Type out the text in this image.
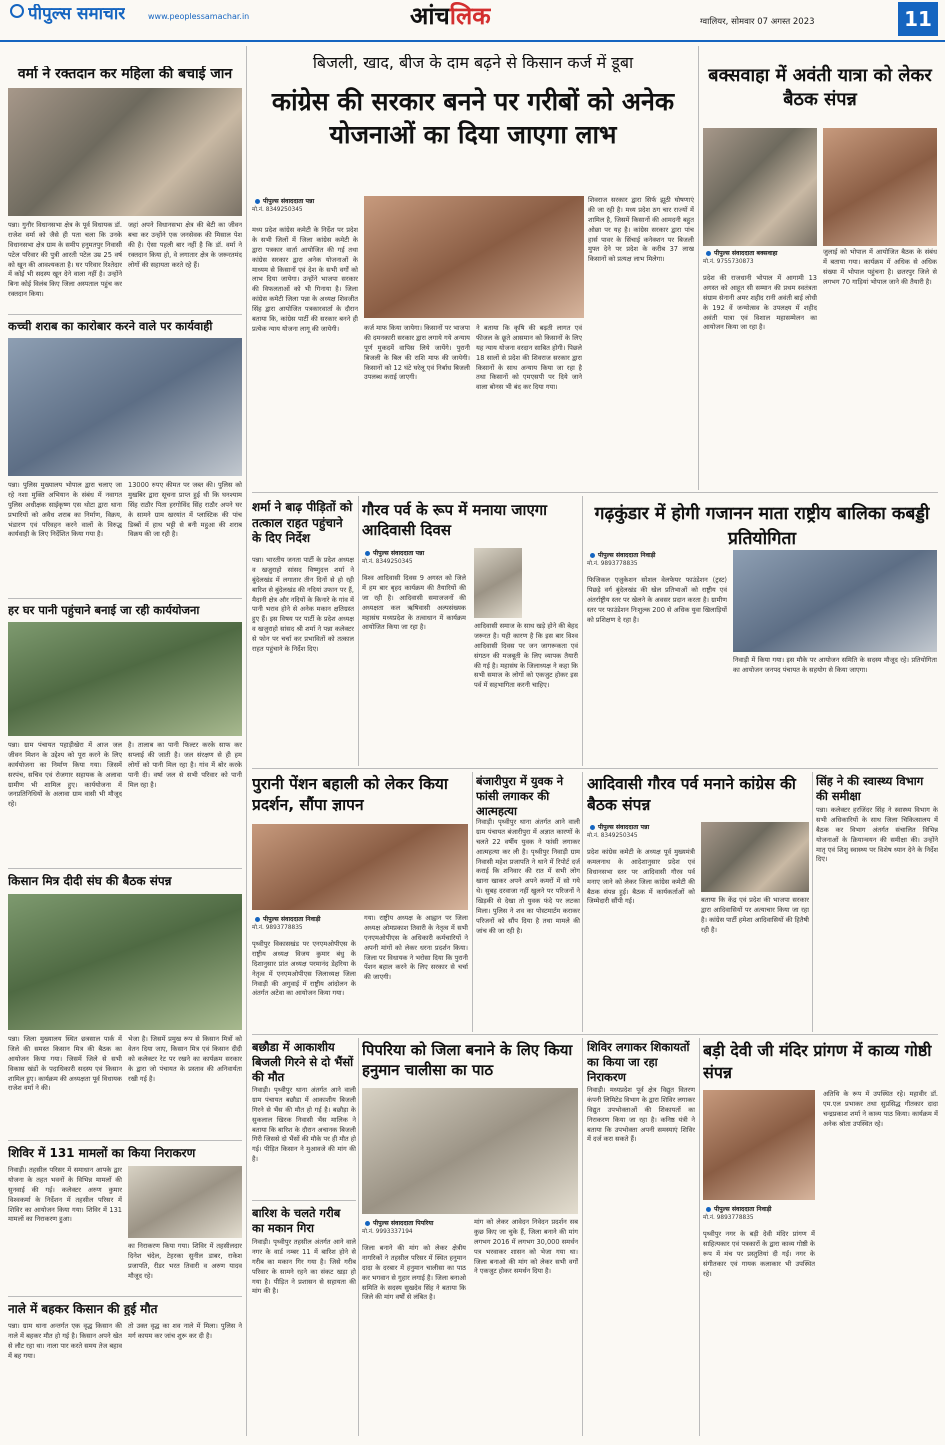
पीपुल्स समाचार	www.peoplessamachar.in	आंचलिक	ग्वालियर, सोमवार 07 अगस्त 2023	11
वर्मा ने रक्तदान कर महिला की बचाई जान
पन्ना। गुनौर विधानसभा क्षेत्र के पूर्व विधायक डॉ. राजेश वर्मा को जैसे ही पता चला कि उनके विधानसभा क्षेत्र ग्राम के समीप हनुमतपुर निवासी पटेल परिवार की पुत्री आरती पटेल उम्र 25 वर्ष को खून की आवश्यकता है। घर परिवार रिश्तेदार में कोई भी सदस्य खून देने वाला नहीं है। उन्होंने बिना कोई विलंब किए जिला अस्पताल पहुंच कर रक्तदान किया।
जहां अपने विधानसभा क्षेत्र की बेटी का जीवन बचा कर उन्होंने एक जनसेवक की मिसाल पेश की है। ऐसा पहली बार नहीं है कि डॉ. वर्मा ने रक्तदान किया हो, वे लगातार क्षेत्र के जरूरतमंद लोगों की सहायता करते रहे हैं।
कच्ची शराब का कारोबार करने वाले पर कार्यवाही
पन्ना। पुलिस मुख्यालय भोपाल द्वारा चलाए जा रहे नशा मुक्ति अभियान के संबंध में नवागत पुलिस अधीक्षक साईकृष्ण एस थोटा द्वारा थाना प्रभारियों को अवैध शराब का निर्माण, विक्रय, भंडारण एवं परिवहन करने वालों के विरुद्ध कार्यवाही के लिए निर्देशित किया गया है।
13000 रुपए कीमत पर जब्त की। पुलिस को मुखबिर द्वारा सूचना प्राप्त हुई थी कि घनश्याम सिंह राठौर पिता हरगोविंद सिंह राठौर अपने घर के सामने ग्राम खरयांत में प्लास्टिक की पांच डिब्बों में हाथ भट्टी से बनी महुआ की शराब विक्रय की जा रही है।
हर घर पानी पहुंचाने बनाई जा रही कार्ययोजना
पन्ना। ग्राम पंचायत पहाड़ीखेरा में आज जल जीवन मिशन के उद्देश्य को पूरा करने के लिए कार्ययोजना का निर्माण किया गया। जिसमें सरपंच, सचिव एवं रोजगार सहायक के अलावा ग्रामीण भी शामिल हुए। कार्ययोजना में जनप्रतिनिधियों के अलावा ग्राम वासी भी मौजूद रहे।
है। तालाब का पानी फिल्टर करके साफ कर सप्लाई की जाती है। जल संरक्षण से ही हम लोगों को पानी मिल रहा है। गांव में बोर करके पानी दी। वर्षा जल से सभी परिवार को पानी मिल रहा है।
किसान मित्र दीदी संघ की बैठक संपन्न
पन्ना। जिला मुख्यालय स्थित छत्रसाल पार्क में जिले की समस्त किसान मित्र की बैठक का आयोजन किया गया। जिसमें जिले से सभी विकास खंडों के पदाधिकारी सदस्य एवं किसान शामिल हुए। कार्यक्रम की अध्यक्षता पूर्व विधायक राजेश वर्मा ने की।
भेजा है। जिसमें प्रमुख रूप से किसान मित्रों को वेतन दिया जाए, किसान मित्र एवं किसान दीदी को कलेक्टर रेट पर रखने का कार्यक्रम सरकार के द्वारा जो पंचायत के प्रस्ताव की अनिवार्यता रखी गई है।
शिविर में 131 मामलों का किया निराकरण
निवाड़ी। तहसील परिसर में समाधान आपके द्वार योजना के तहत भवनों के विभिन्न मामलों की सुनवाई की गई। कलेक्टर अरुण कुमार विश्वकर्मा के निर्देशन में तहसील परिसर में शिविर का आयोजन किया गया। शिविर में 131 मामलों का निराकरण हुआ।
का निराकरण किया गया। शिविर में तहसीलदार दिनेश चंदेल, टेहरका सुनील डाबर, राकेश प्रजापति, रीडर भरत तिवारी व अरुण यादव मौजूद रहे।
नाले में बहकर किसान की हुई मौत
पन्ना। ग्राम थाना अन्तर्गत एक वृद्ध किसान की नाले में बहकर मौत हो गई है। किसान अपने खेत से लौट रहा था। नाला पार करते समय तेज बहाव में बह गया।
तो उक्त वृद्ध का शव नाले में मिला। पुलिस ने मर्ग कायम कर जांच शुरू कर दी है।
बिजली, खाद, बीज के दाम बढ़ने से किसान कर्ज में डूबा
कांग्रेस की सरकार बनने पर गरीबों को अनेक योजनाओं का दिया जाएगा लाभ
पीपुल्स संवाददाता पन्ना
मो.नं. 8349250345
मध्य प्रदेश कांग्रेस कमेटी के निर्देश पर प्रदेश के सभी जिलों में जिला कांग्रेस कमेटी के द्वारा पत्रकार वार्ता आयोजित की गई तथा कांग्रेस सरकार द्वारा अनेक योजनाओं के माध्यम से किसानों एवं देश के सभी वर्गों को लाभ दिया जायेगा। उन्होंने भाजपा सरकार की विफलताओं को भी गिनाया है। जिला कांग्रेस कमेटी जिला पन्ना के अध्यक्ष शिवजीत सिंह द्वारा आयोजित पत्रकारवार्ता के दौरान बताया कि, कांग्रेस पार्टी की सरकार बनने ही प्रत्येक न्याय योजना लागू की जायेगी।	कर्ज माफ किया जायेगा। किसानों पर भाजपा की दमनकारी सरकार द्वारा लगाये गये अन्याय पूर्ण मुकदमें वापिस लिये जायेंगे। पुरानी बिजली के बिल की राशि माफ की जायेगी। किसानों को 12 घंटे घरेलू एवं निर्बाध बिजली उपलब्ध कराई जाएगी।
ने बताया कि कृषि की बढ़ती लागत एवं फीजल के छूते आसमान को किसानों के लिए यह न्याय योजना वरदान साबित होगी। पिछले 18 सालों से प्रदेश की शिवराज सरकार द्वारा किसानों के साथ अन्याय किया जा रहा है तथा किसानों को एमएसपी पर दिये जाने वाला बोनस भी बंद कर दिया गया।
शिवराज सरकार द्वारा सिर्फ झूठी घोषणाएं की जा रही है। मध्य प्रदेश ठग चार राज्यों में शामिल है, जिसमें किसानों की आमदनी बहुत ओछा पर यह है। कांग्रेस सरकार द्वारा पांच हार्स पावर के सिंचाई कनेक्शन पर बिजली मुफ्त देने पर प्रदेश के करीब 37 लाख किसानों को प्रत्यक्ष लाभ मिलेगा।
बक्सवाहा में अवंती यात्रा को लेकर बैठक संपन्न
पीपुल्स संवाददाता बक्सवाहा
मो.नं. 9755730873
प्रदेश की राजधानी भोपाल में आगामी 13 अगस्त को आहूत सी सम्मान की प्रथम स्वतंत्रता संग्राम सेनानी अमर शहीद रानी अवंती बाई लोधी के 192 वें जन्मोत्सव के उपलक्ष्य में शहीद अवंती यात्रा एवं विशाल महासम्मेलन का आयोजन किया जा रहा है।
जुलाई को भोपाल में आयोजित बैठक के संबंध में बताया गया। कार्यक्रम में अधिक से अधिक संख्या में भोपाल पहुंचना है। छतरपुर जिले से लगभग 70 गाड़ियां भोपाल जाने की तैयारी है।
शर्मा ने बाढ़ पीड़ितों को तत्काल राहत पहुंचाने के दिए निर्देश
पन्ना। भारतीय जनता पार्टी के प्रदेश अध्यक्ष व खजुराहो सांसद विष्णुदत्त शर्मा ने बुंदेलखंड में लगातार तीन दिनों से हो रही बारिश से बुंदेलखंड की नदियां उफान पर हैं, मैदानी क्षेत्र और नदियों के किनारे के गांव में पानी भराव होने से अनेक मकान क्षतिग्रस्त हुए हैं। इस विषय पर पार्टी के प्रदेश अध्यक्ष व खजुराहो सांसद श्री शर्मा ने पन्ना कलेक्टर से फोन पर चर्चा कर प्रभावितों को तत्काल राहत पहुंचाने के निर्देश दिए।
गौरव पर्व के रूप में मनाया जाएगा आदिवासी दिवस
पीपुल्स संवाददाता पन्ना
मो.नं. 8349250345
विश्व आदिवासी दिवस 9 अगस्त को जिले में हम बार बृहद कार्यक्रम की तैयारियों की जा रही है। आदिवासी समाजजनों की अध्यक्षता कल ऋषिवासी अल्पसंख्यक महासंघ मध्यप्रदेश के तत्वाधान में कार्यक्रम आयोजित किया जा रहा है।	आदिवासी समाज के साथ खड़े होने की बेहद जरूरत है। यही कारण है कि इस बार विश्व आदिवासी दिवस पर जन जागरूकता एवं संगठन की मजबूती के लिए व्यापक तैयारी की गई है। महासंघ के जिलाध्यक्ष ने कहा कि सभी समाज के लोगों को एकजुट होकर इस पर्व में सहभागिता करनी चाहिए।
गढ़कुंडार में होगी गजानन माता राष्ट्रीय बालिका कबड्डी प्रतियोगिता
पीपुल्स संवाददाता निवाड़ी
मो.नं. 9893778835
फिजिकल एजुकेशन सोशल वेलफेयर फाउंडेशन (ट्रस्ट) पिछड़े वर्ग बुंदेलखंड की खेल प्रतिभाओं को राष्ट्रीय एवं अंतर्राष्ट्रीय स्तर पर खेलने के अवसर प्रदान करता है। ग्रामीण स्तर पर फाउंडेशन निःशुल्क 200 से अधिक युवा खिलाड़ियों को प्रशिक्षण दे रहा है।
निवाड़ी में किया गया। इस मौके पर आयोजन समिति के सदस्य मौजूद रहे। प्रतियोगिता का आयोजन जनपद पंचायत के सहयोग से किया जाएगा।
पुरानी पेंशन बहाली को लेकर किया प्रदर्शन, सौंपा ज्ञापन
पीपुल्स संवाददाता निवाड़ी
मो.नं. 9893778835
पृथ्वीपुर विकासखंड पर एनएमओपीएस के राष्ट्रीय अध्यक्ष विजय कुमार बंधु के दिशानुसार प्रांत अध्यक्ष परमानंद डेहरिया के नेतृत्व में एनएमओपीएस जिलाध्यक्ष जिला निवाड़ी की अगुवाई में राष्ट्रीय आंदोलन के अंतर्गत अटेवा का आयोजन किया गया।
गया। राष्ट्रीय अध्यक्ष के आह्वान पर जिला अध्यक्ष ओमप्रकाश तिवारी के नेतृत्व में सभी एनएमओपीएस के अधिकारी कर्मचारियों ने अपनी मांगों को लेकर धरना प्रदर्शन किया। जिला पर विधायक ने भरोसा दिया कि पुरानी पेंशन बहाल करने के लिए सरकार से चर्चा की जाएगी।
बंजारीपुरा में युवक ने फांसी लगाकर की आत्महत्या
निवाड़ी। पृथ्वीपुर थाना अंतर्गत आने वाली ग्राम पंचायत बंजारीपुरा में अज्ञात कारणों के चलते 22 वर्षीय युवक ने फांसी लगाकर आत्महत्या कर ली है। पृथ्वीपुर निवाड़ी ग्राम निवासी महेश प्रजापति ने थाने में रिपोर्ट दर्ज कराई कि शनिवार की रात में सभी लोग खाना खाकर अपने अपने कमरों में सो गये थे। सुबह दरवाजा नहीं खुलने पर परिजनों ने खिड़की से देखा तो युवक फंदे पर लटका मिला। पुलिस ने शव का पोस्टमार्टम कराकर परिजनों को सौंप दिया है तथा मामले की जांच की जा रही है।
आदिवासी गौरव पर्व मनाने कांग्रेस की बैठक संपन्न
पीपुल्स संवाददाता पन्ना
मो.नं. 8349250345
प्रदेश कांग्रेस कमेटी के अध्यक्ष पूर्व मुख्यमंत्री कमलनाथ के आदेशानुसार प्रदेश एवं विधानसभा स्तर पर आदिवासी गौरव पर्व मनाए जाने को लेकर जिला कांग्रेस कमेटी की बैठक संपन्न हुई। बैठक में कार्यकर्ताओं को जिम्मेदारी सौंपी गई।	बताया कि केंद्र एवं प्रदेश की भाजपा सरकार द्वारा आदिवासियों पर अत्याचार किया जा रहा है। कांग्रेस पार्टी हमेशा आदिवासियों की हितैषी रही है।
सिंह ने की स्वास्थ्य विभाग की समीक्षा
पन्ना। कलेक्टर हरजिंदर सिंह ने स्वास्थ्य विभाग के सभी अधिकारियों के साथ जिला चिकित्सालय में बैठक कर विभाग अंतर्गत संचालित विभिन्न योजनाओं के क्रियान्वयन की समीक्षा की। उन्होंने मातृ एवं शिशु स्वास्थ्य पर विशेष ध्यान देने के निर्देश दिए।
बछौडा में आकाशीय बिजली गिरने से दो भैंसों की मौत
निवाड़ी। पृथ्वीपुर थाना अंतर्गत आने वाली ग्राम पंचायत बछौडा में आकाशीय बिजली गिरने से भैंस की मौत हो गई है। बछौड़ा के सुकलाल खिरक निवासी भैंस मालिक ने बताया कि बारिश के दौरान अचानक बिजली गिरी जिससे दो भैंसों की मौके पर ही मौत हो गई। पीड़ित किसान ने मुआवजे की मांग की है।
बारिश के चलते गरीब का मकान गिरा
निवाड़ी। पृथ्वीपुर तहसील अंतर्गत आने वाले नगर के वार्ड नम्बर 11 में बारिश होने से गरीब का मकान गिर गया है। जिसे गरीब परिवार के सामने रहने का संकट खड़ा हो गया है। पीड़ित ने प्रशासन से सहायता की मांग की है।
पिपरिया को जिला बनाने के लिए किया हनुमान चालीसा का पाठ
पीपुल्स संवाददाता पिपरिया
मो.नं. 9993337194
जिला बनाने की मांग को लेकर क्षेत्रीय नागरिकों ने तहसील परिसर में स्थित हनुमान दादा के दरबार में हनुमान चालीसा का पाठ कर भगवान से गुहार लगाई है। जिला बनाओ समिति के सदस्य सुखदेव सिंह ने बताया कि जिले की मांग वर्षों से लंबित है।
मांग को लेकर आवेदन निवेदन प्रदर्शन सब कुछ किए जा चुके हैं, जिला बनाने की मांग लगभग 2016 में लगभग 30,000 समर्थन पत्र भरवाकर शासन को भेजा गया था। जिला बनाओ की मांग को लेकर सभी वर्गों ने एकजुट होकर समर्थन दिया है।
शिविर लगाकर शिकायतों का किया जा रहा निराकरण
निवाड़ी। मध्यप्रदेश पूर्व क्षेत्र विद्युत वितरण कंपनी लिमिटेड विभाग के द्वारा शिविर लगाकर विद्युत उपभोक्ताओं की शिकायतों का निराकरण किया जा रहा है। कनिष्ठ यंत्री ने बताया कि उपभोक्ता अपनी समस्याएं शिविर में दर्ज करा सकते हैं।
बड़ी देवी जी मंदिर प्रांगण में काव्य गोष्ठी संपन्न
पीपुल्स संवाददाता निवाड़ी
मो.नं. 9893778835
पृथ्वीपुर नगर के बड़ी देवी मंदिर प्रांगण में साहित्यकार एवं पत्रकारों के द्वारा काव्य गोष्ठी के रूप में मंच पर प्रस्तुतियां दी गईं। नगर के संगीतकार एवं गायक कलाकार भी उपस्थित रहे।
अतिथि के रूप में उपस्थित रहे। महावीर डॉ. एम.एल प्रभाकर तथा सुप्रसिद्ध गीतकार दादा चन्द्रप्रकाश शर्मा ने काव्य पाठ किया। कार्यक्रम में अनेक श्रोता उपस्थित रहे।
